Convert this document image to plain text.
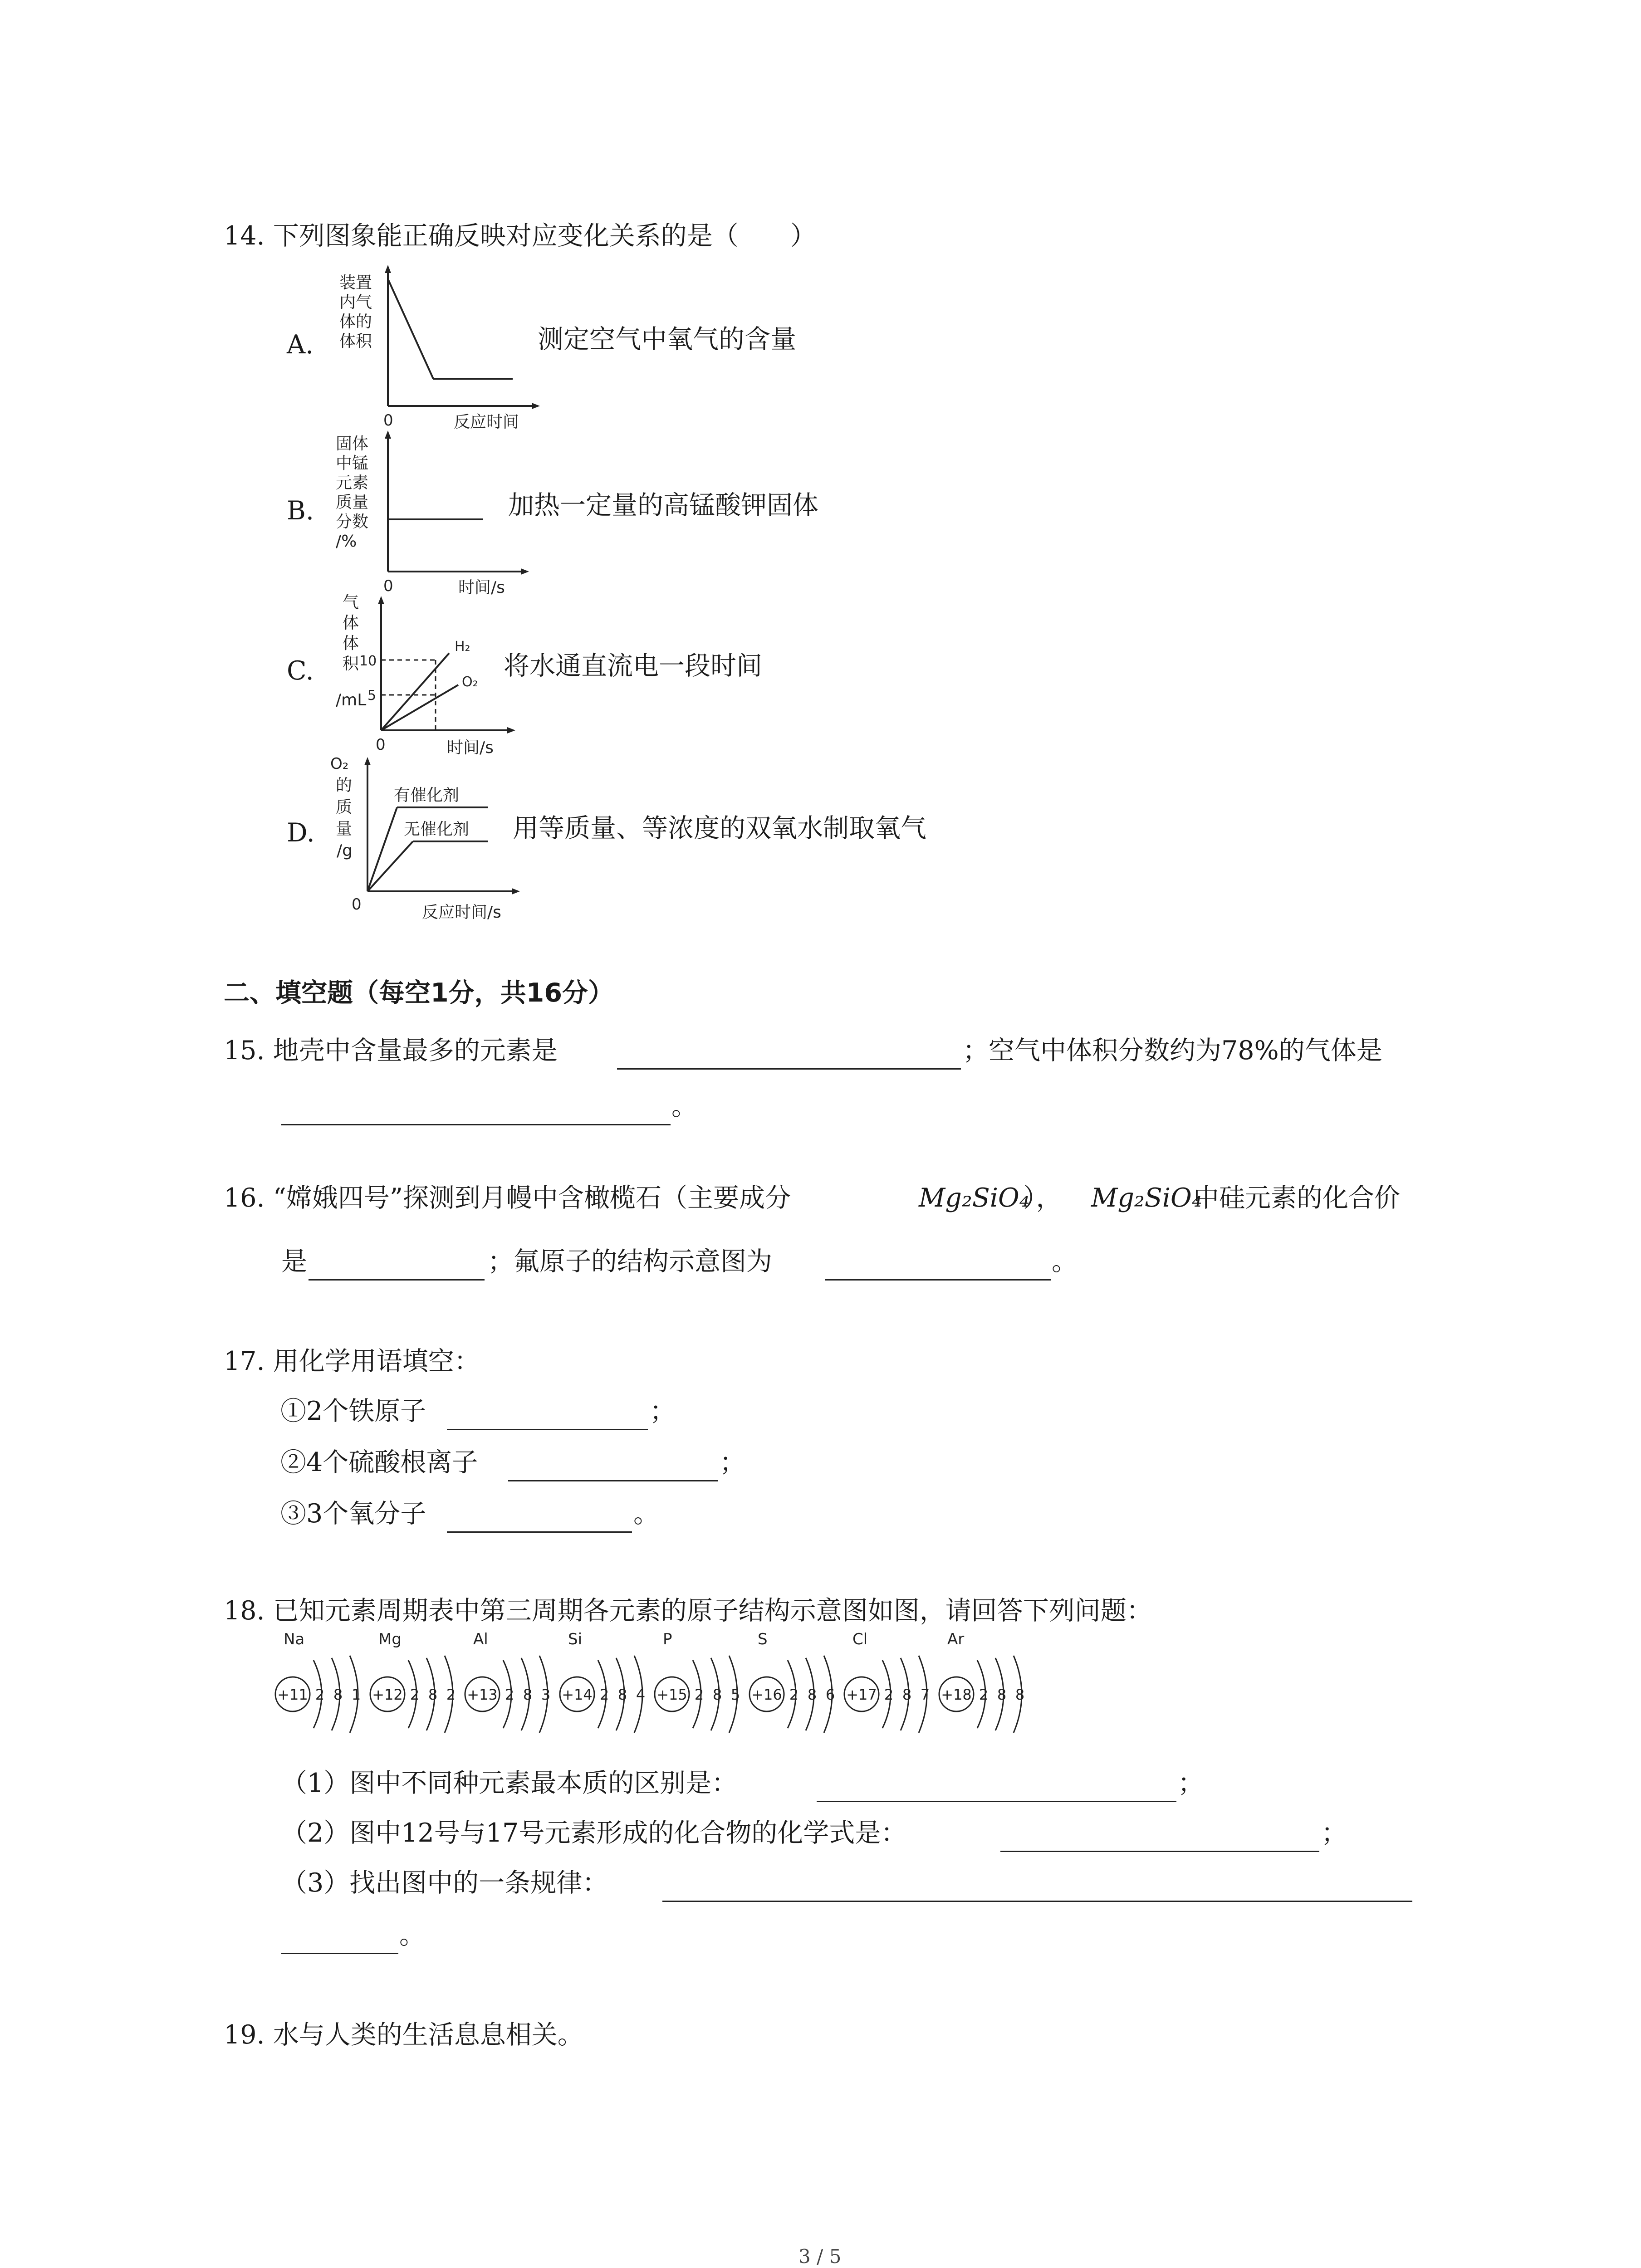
14. 下列图象能正确反映对应变化关系的是（　　）
A.
装置
内气
体的
体积
0	反应时间
测定空气中氧气的含量
B.
固体
中锰
元素
质量
分数
/%
0	时间/s
加热一定量的高锰酸钾固体
C.
气
体
体
积
/mL
10
5
H₂
O₂
0	时间/s
将水通直流电一段时间
D.
O₂
的
质
量
/g
有催化剂
无催化剂
0	反应时间/s
用等质量、等浓度的双氧水制取氧气
二、填空题（每空1分，共16分）
15. 地壳中含量最多的元素是	；空气中体积分数约为78%的气体是
。
16. “嫦娥四号”探测到月幔中含橄榄石（主要成分	Mg₂SiO₄
）， Mg₂SiO₄
中硅元素的化合价
是	；氟原子的结构示意图为	。
17. 用化学用语填空：
①2个铁原子	；
②4个硫酸根离子	；
③3个氧分子	。
18. 已知元素周期表中第三周期各元素的原子结构示意图如图，请回答下列问题：
Na
+11 2 8 1
Mg
+12 2 8 2
Al
+13 2 8 3
Si
+14 2 8 4
P
+15 2 8 5
S
+16 2 8 6
Cl
+17 2 8 7
Ar
+18 2 8 8
（1）图中不同种元素最本质的区别是：	；
（2）图中12号与17号元素形成的化合物的化学式是：	；
（3）找出图中的一条规律：
。
19. 水与人类的生活息息相关。
3 / 5
